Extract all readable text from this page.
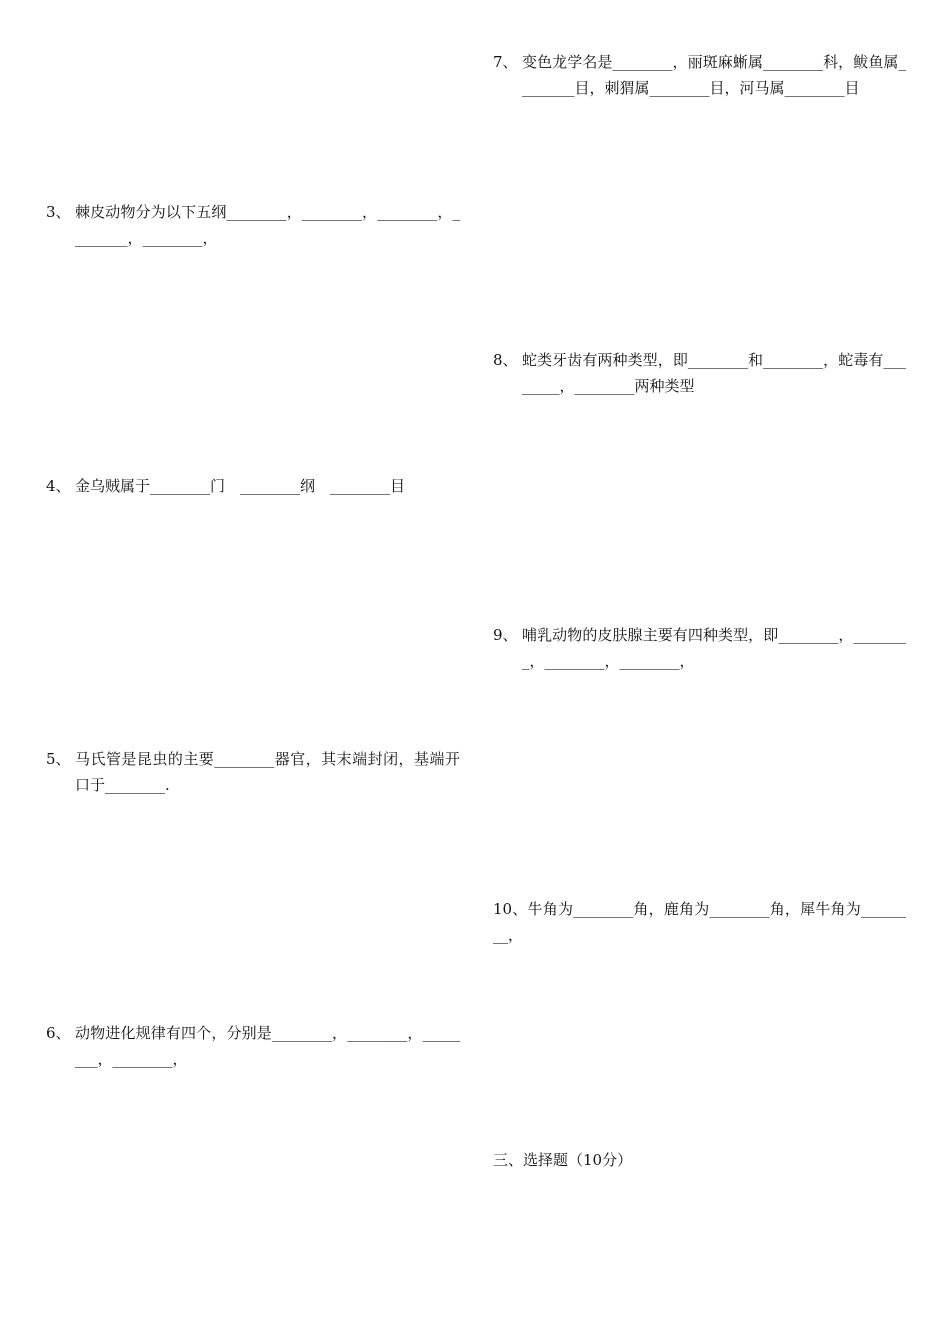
3、 棘皮动物分为以下五纲________，________，________，________，________，
4、 金乌贼属于________门　________纲　________目
5、 马氏管是昆虫的主要________器官，其末端封闭，基端开口于________.
6、 动物进化规律有四个，分别是________，________，________，________，
7、 变色龙学名是________，丽斑麻蜥属________科，鲅鱼属________目，刺猬属________目，河马属________目
8、 蛇类牙齿有两种类型，即________和________，蛇毒有________，________两种类型
9、 哺乳动物的皮肤腺主要有四种类型，即________，________，________，________，
10、牛角为________角，鹿角为________角，犀牛角为________，
三、选择题（10分）
